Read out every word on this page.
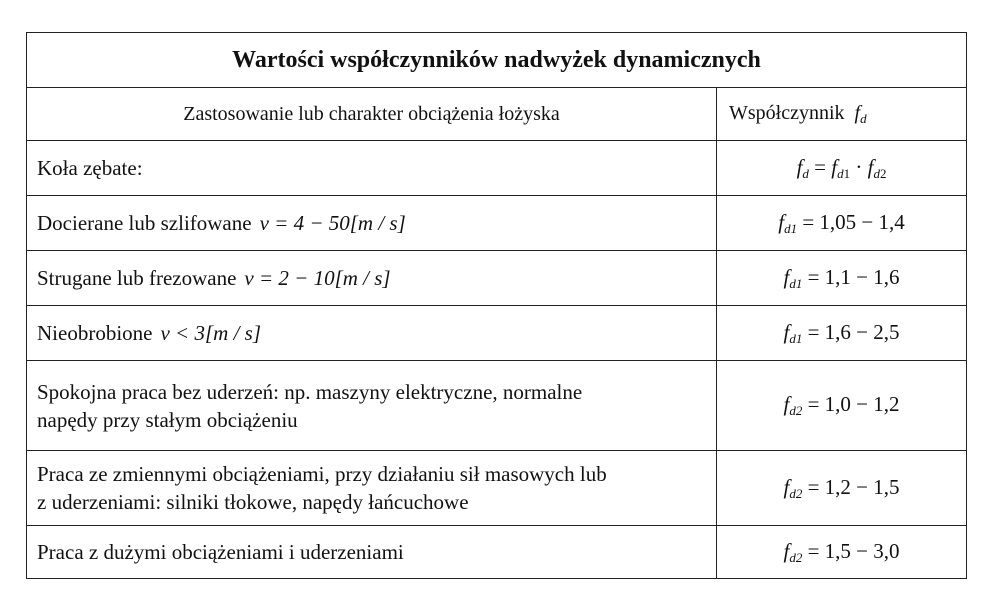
Wartości współczynników nadwyżek dynamicznych	
Zastosowanie lub charakter obciążenia łożyska	Współczynnik $f_d$
Koła zębate:	$f_d = f_{d1} \cdot f_{d2}$
Docierane lub szlifowane v = 4 − 50[m / s]	$f_{d1} = 1,05 - 1,4$
Strugane lub frezowane v = 2 − 10[m / s]	$f_{d1} = 1,1 - 1,6$
Nieobrobione v < 3[m / s]	$f_{d1} = 1,6 - 2,5$
Spokojna praca bez uderzeń: np. maszyny elektryczne, normalne
napędy przy stałym obciążeniu	$f_{d2} = 1,0 - 1,2$
Praca ze zmiennymi obciążeniami, przy działaniu sił masowych lub
z uderzeniami: silniki tłokowe, napędy łańcuchowe	$f_{d2} = 1,2 - 1,5$
Praca z dużymi obciążeniami i uderzeniami	$f_{d2} = 1,5 - 3,0$
